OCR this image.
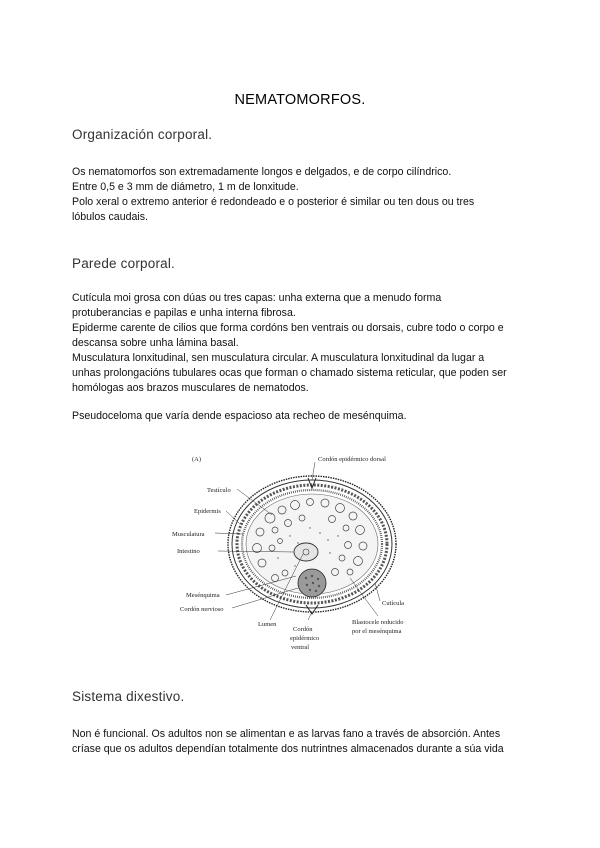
NEMATOMORFOS.
Organización corporal.

Os nematomorfos son extremadamente longos e delgados, e de corpo cilíndrico.

Entre 0,5 e 3 mm de diámetro, 1 m de lonxitude.

Polo xeral o extremo anterior é redondeado e o posterior é similar ou ten dous ou tres

lóbulos caudais.

Parede corporal.

Cutícula moi grosa con dúas ou tres capas: unha externa que a menudo forma

protuberancias e papilas e unha interna fibrosa.

Epiderme carente de cilios que forma cordóns ben ventrais ou dorsais, cubre todo o corpo e

descansa sobre unha lámina basal.

Musculatura lonxitudinal, sen musculatura circular. A musculatura lonxitudinal da lugar a

unhas prolongacións tubulares ocas que forman o chamado sistema reticular, que poden ser

homólogas aos brazos musculares de nematodos.

Pseudoceloma que varía dende espacioso ata recheo de mesénquima.
(A)	Cordón epidérmico dorsal
Testículo
Epidermis
Musculatura
Intestino
Mesénquima
Cordón nervioso
Cutícula
Lumen
Cordón
epidérmico
ventral
Blastocele reducido
por el mesénquima
Sistema dixestivo.

Non é funcional. Os adultos non se alimentan e as larvas fano a través de absorción. Antes

críase que os adultos dependían totalmente dos nutrintnes almacenados durante a súa vida
